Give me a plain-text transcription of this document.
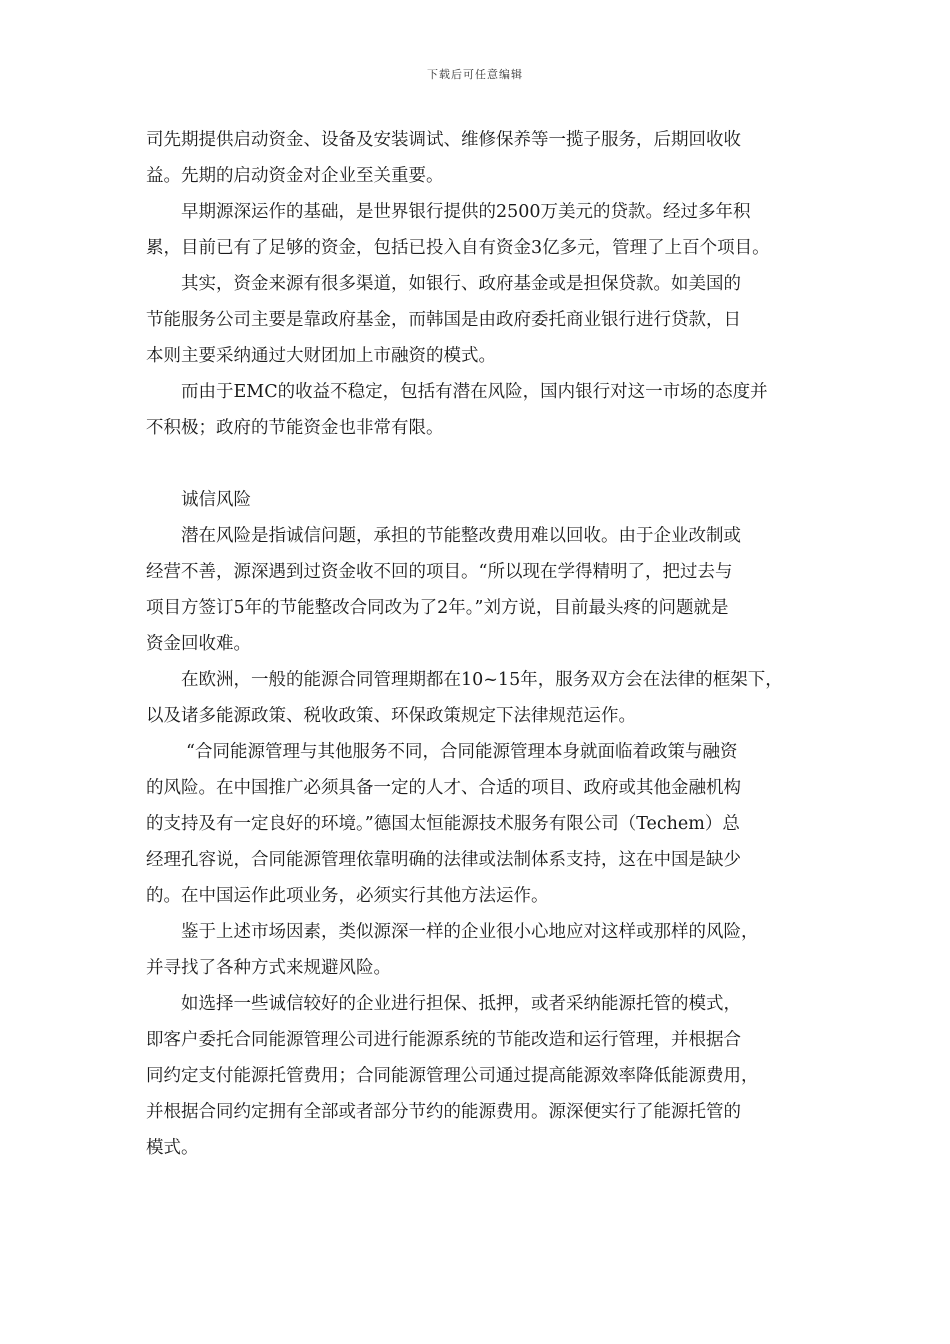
下载后可任意编辑
司先期提供启动资金、设备及安装调试、维修保养等一揽子服务，后期回收收
益。先期的启动资金对企业至关重要。
早期源深运作的基础，是世界银行提供的2500万美元的贷款。经过多年积
累，目前已有了足够的资金，包括已投入自有资金3亿多元，管理了上百个项目。
其实，资金来源有很多渠道，如银行、政府基金或是担保贷款。如美国的
节能服务公司主要是靠政府基金，而韩国是由政府委托商业银行进行贷款，日
本则主要采纳通过大财团加上市融资的模式。
而由于EMC的收益不稳定，包括有潜在风险，国内银行对这一市场的态度并
不积极；政府的节能资金也非常有限。
诚信风险
潜在风险是指诚信问题，承担的节能整改费用难以回收。由于企业改制或
经营不善，源深遇到过资金收不回的项目。“所以现在学得精明了，把过去与
项目方签订5年的节能整改合同改为了2年。”刘方说，目前最头疼的问题就是
资金回收难。
在欧洲，一般的能源合同管理期都在10~15年，服务双方会在法律的框架下，
以及诸多能源政策、税收政策、环保政策规定下法律规范运作。
“合同能源管理与其他服务不同，合同能源管理本身就面临着政策与融资
的风险。在中国推广必须具备一定的人才、合适的项目、政府或其他金融机构
的支持及有一定良好的环境。”德国太恒能源技术服务有限公司（Techem）总
经理孔容说，合同能源管理依靠明确的法律或法制体系支持，这在中国是缺少
的。在中国运作此项业务，必须实行其他方法运作。
鉴于上述市场因素，类似源深一样的企业很小心地应对这样或那样的风险，
并寻找了各种方式来规避风险。
如选择一些诚信较好的企业进行担保、抵押，或者采纳能源托管的模式，
即客户委托合同能源管理公司进行能源系统的节能改造和运行管理，并根据合
同约定支付能源托管费用；合同能源管理公司通过提高能源效率降低能源费用，
并根据合同约定拥有全部或者部分节约的能源费用。源深便实行了能源托管的
模式。
